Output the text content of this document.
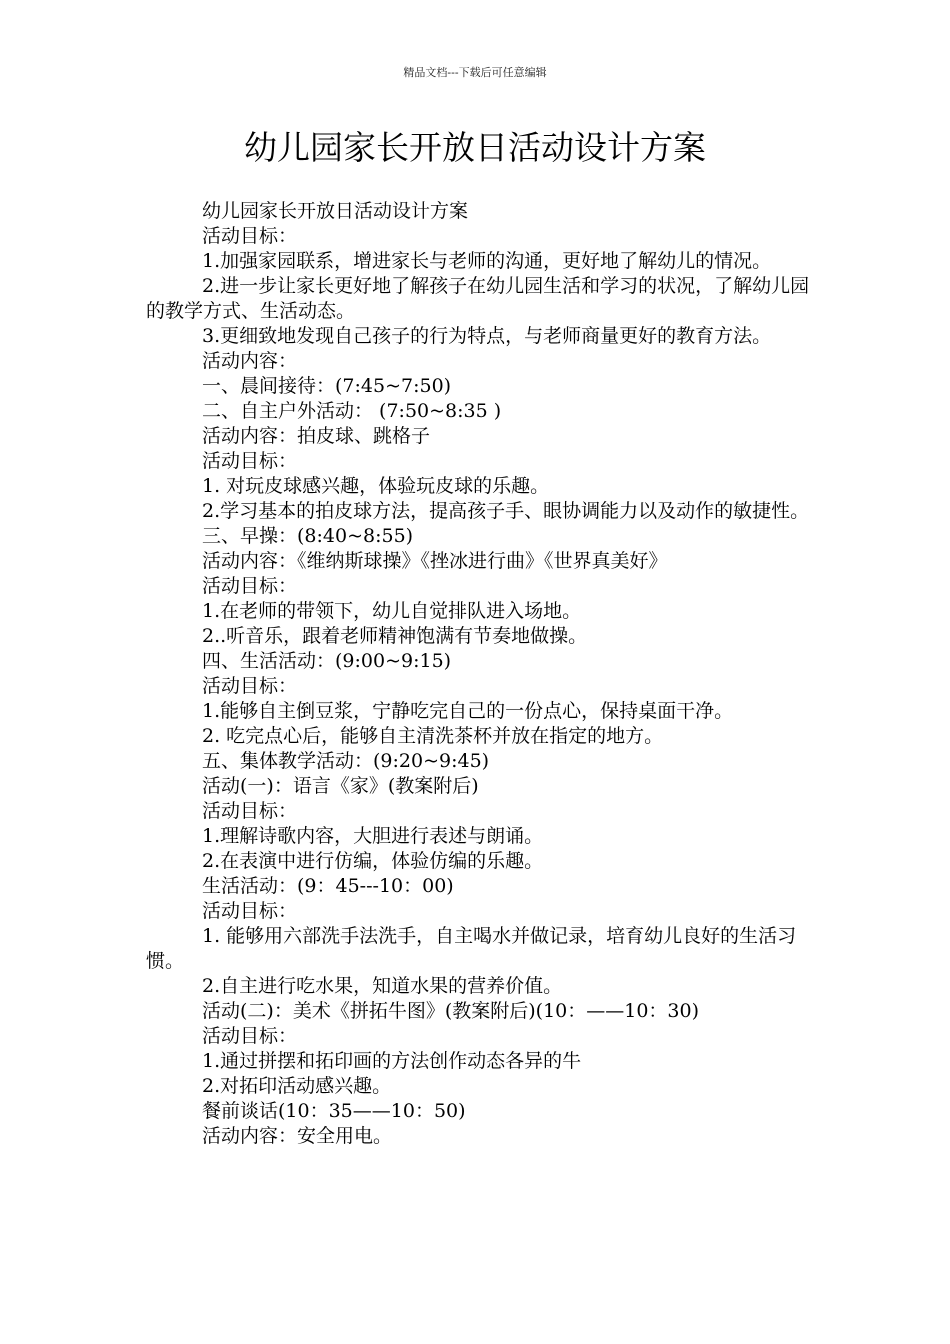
精品文档---下载后可任意编辑
幼儿园家长开放日活动设计方案

幼儿园家长开放日活动设计方案

活动目标：

1.加强家园联系，增进家长与老师的沟通，更好地了解幼儿的情况。

2.进一步让家长更好地了解孩子在幼儿园生活和学习的状况，了解幼儿园的教学方式、生活动态。

3.更细致地发现自己孩子的行为特点，与老师商量更好的教育方法。

活动内容：

一、晨间接待：(7:45~7:50)

二、自主户外活动： (7:50~8:35 )

活动内容：拍皮球、跳格子

活动目标：

1. 对玩皮球感兴趣，体验玩皮球的乐趣。

2.学习基本的拍皮球方法，提高孩子手、眼协调能力以及动作的敏捷性。

三、早操：(8:40~8:55)

活动内容：《维纳斯球操》《挫冰进行曲》《世界真美好》

活动目标：

1.在老师的带领下，幼儿自觉排队进入场地。

2..听音乐，跟着老师精神饱满有节奏地做操。

四、生活活动：(9:00~9:15)

活动目标：

1.能够自主倒豆浆，宁静吃完自己的一份点心，保持桌面干净。

2. 吃完点心后，能够自主清洗茶杯并放在指定的地方。

五、集体教学活动：(9:20~9:45)

活动(一)：语言《家》(教案附后)

活动目标：

1.理解诗歌内容，大胆进行表述与朗诵。

2.在表演中进行仿编，体验仿编的乐趣。

生活活动：(9：45---10：00)

活动目标：

1. 能够用六部洗手法洗手，自主喝水并做记录，培育幼儿良好的生活习惯。

2.自主进行吃水果，知道水果的营养价值。

活动(二)：美术《拼拓牛图》(教案附后)(10：——10：30)

活动目标：

1.通过拼摆和拓印画的方法创作动态各异的牛

2.对拓印活动感兴趣。

餐前谈话(10：35——10：50)

活动内容：安全用电。
